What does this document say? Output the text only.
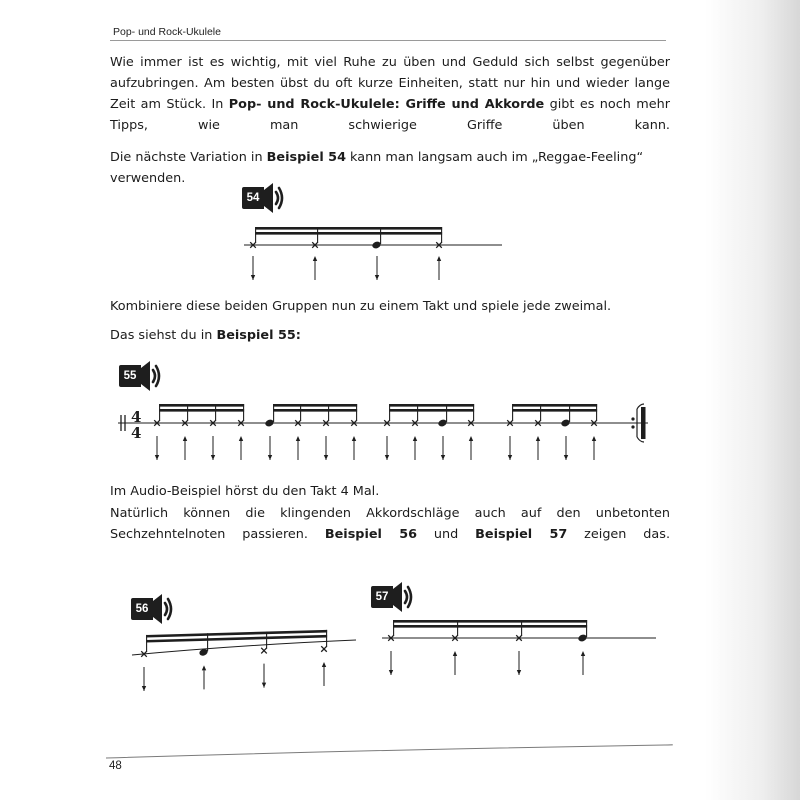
Pop- und Rock-Ukulele
Wie immer ist es wichtig, mit viel Ruhe zu üben und Geduld sich selbst gegenüber aufzubringen. Am besten übst du oft kurze Einheiten, statt nur hin und wieder lange Zeit am Stück. In Pop- und Rock-Ukulele: Griffe und Akkorde gibt es noch mehr Tipps, wie man schwierige Griffe üben kann.
Die nächste Variation in Beispiel 54 kann man langsam auch im „Reggae-Feeling“ verwenden.
54
Kombiniere diese beiden Gruppen nun zu einem Takt und spiele jede zweimal.
Das siehst du in Beispiel 55:
55
Im Audio-Beispiel hörst du den Takt 4 Mal.
Natürlich können die klingenden Akkordschläge auch auf den unbetonten Sechzehntelnoten passieren. Beispiel 56 und Beispiel 57 zeigen das.
56
57
4
4
48
